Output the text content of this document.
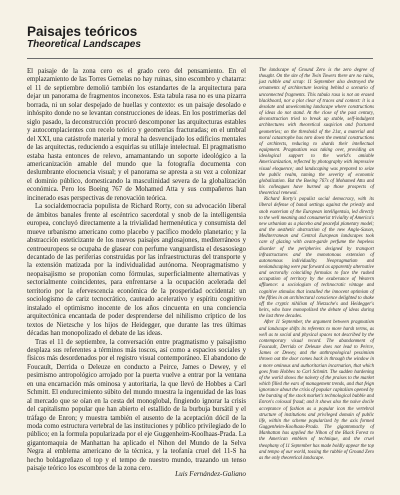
Paisajes teóricos
Theoretical Landscapes

El paisaje de la zona cero es el grado cero del pensamiento. En el emplazamiento de las Torres Gemelas no hay ruinas, sino escombro y chatarra: el 11 de septiembre demolió también los estandartes de la arquitectura para dejar un panorama de fragmentos inconexos. Esta tabula rasa no es una pizarra borrada, ni un solar despejado de huellas y contexto: es un paisaje desolado e inhóspito donde no se levantan construcciones de ideas. En los postrimerías del siglo pasado, la deconstrucción procuró descomponer las arquitecturas estables y autocomplacientes con recelo teórico y geometrías fracturadas; en el umbral del XXI, una catástrofe material y moral ha desvencijado los edificios mentales de las arquitectas, reduciendo a esquirlas su utillaje intelectual. El pragmatismo estaba hasta entonces de relevo, amamantando un soporte ideológico a la americanización amable del mundo que la fotografía documenta con deslumbrante elocuencia visual; y el panorama se apresta a su vez a colonizar el dominio público, domesticando la masculinidad severa de la globalización económica. Pero los Boeing 767 de Mohamed Atta y sus compañeros han incinerado esas perspectivas de renovación teórica.

La socialdemocracia populista de Richard Rorty, con su advocación liberal de ámbitos banales frente al escéntrico sacerdotal y snob de la intelligentsia europea, concluyó directamente a la trivialidad hermenéutica y consumista del mueve urbanismo americano como placebo y pacífico modelo planetario; y la abstracción esteticizante de los nuevos paisajes anglosajones, mediterráneos y centroeuropeos se ocupaba de glasear con perfume vanguardista el desasosiego decantado de las periferias construidas por las infraestructuras del transporte y la extensión matizada por la individualidad autónoma. Neopragmatismo y neopaisajismo se proponían como fórmulas, superficialmente alternativas y sectorialmente coincidentes, para enfrentarse a la ocupación acelerada del territorio por la efervescencia económica de la prosperidad occidental: un sociologismo de cariz tecnocrático, cauteado acelerativo y espíritu cognitivo instalado el optimismo inocente de los años cincuenta en una conciencia arquitectónica encantada de poder desprenderse del nihilismo críptico de los textos de Nietzsche y los hijos de Heidegger, que durante las tres últimas décadas han monopolizado el debate de las ideas.

Tras el 11 de septiembre, la conversación entre pragmatismo y paisajismo desplaza sus referentes a términos más toscos, así como a espacios sociales y físicos más desordenados por el registro visual contemporáneo. El abandono de Foucault, Derrida o Deleuze en conducto a Peirce, James o Dewey, y el pesimismo antropológico arrojado por la puerta vuelve a entrar por la ventana en una encarnación más ominosa y autoritaria, la que llevó de Hobbes a Carl Schmitt. El endurecimiento súbito del mundo muestra la ingenuidad de las loas al mercado que se oían en la cesta del monoglobal, fingiendo ignorar la crisis del capitalismo popular que han abierto el estallido de la burbuja bursátil y el tráfago de Enron; y muestra también el ausento de la aceptación dócil de la moda como estructura vertebral de las instituciones y público privilegiado de lo público; en la formula popularizada por el eje Guggenheim-Koolhaas-Prada. La gigantomaquia de Manhattan ha aplicado el Nihon del Mundo de la Selva Negra al emblema americano de la técnica, y la teofanía cruel del 11-S ha hecho boldagreñazo el top y el tempo de nuestro mundo, trazando un tenso paisaje teórico los escombros de la zona cero.

The landscape of Ground Zero is the zero degree of thought. On the site of the Twin Towers there are no ruins, just rubble and scrap: 11 September also destroyed the ornaments of architecture leaving behind a scenario of unconnected fragments. This tabula rasa is not an erased blackboard, nor a plot clear of traces and context: it is a desolate and unwelcoming landscape where constructions of ideas do not stand. At the close of the past century, deconstruction tried to break up stable, self-indulgent architectures with theoretical suspicion and fractured geometries; on the threshold of the 21st, a material and moral catastrophe has torn down the mental constructions of architects, reducing to shards their intellectual equipment. Pragmatism was taking over, providing an ideological support to the world's amiable Americanization, reflected by photography with impressive visual eloquence; and landscaping was prepared to seize the public realm, taming the severity of economic globalization. But the Boeing 767s of Mohamed Atta and his colleagues have burned up those prospects of theoretical renewal.

Richard Rorty's populist social democracy, with its liberal defense of banal settings against the priestly and snob esoterism of the European intelligentsia, led directly to the well meaning and consumerist triviality of America's new urbanism as a placebo and peaceful planetary model; and the aesthetic abstraction of the new Anglo-Saxon, Mediterranean and Central European landscapes took care of glazing with avant-garde perfume the hopeless disorder of the peripheries designed by transport infrastructures and the monotonous extension of autonomous individuality. Neopragmatism and neolandscaping were put forward as apparently alternative and sectorally coinciding formulas to face the rushed occupation of territory by the exuberance of Western affluence: a sociologism of technocratic vintage and cognitive stimulus that installed the innocent optimism of the fifties in an architectural conscience delighted to shake off the cryptic nihilism of Nietzsche's and Heidegger's heirs, who have monopolized the debate of ideas during the last three decades.

After 11 September, the argument between pragmatism and landscape shifts its referents to more harsh terms, as well as to social and physical spaces not described by the contemporary visual record. The abandonment of Foucault, Derrida or Deleuze does not lead to Peirce, James or Dewey, and the anthropological pessimism thrown out the door comes back in through the window in a more ominous and authoritarian incarnation, that which goes from Hobbes to Carl Schmitt. The sudden hardening of the world shows the naivety of the praises to the market which filled the ears of management trends, and that feign ignorance about the crisis of popular capitalism opened by the bursting of the stock market's technological bubble and Enron's colossal fraud; and it shows also the naive docile acceptance of fashion as a popular icon the vertebral structure of institutions and privileged domain of public life, within the scheme popularized by the axis formed Guggenheim-Koolhaas-Prada. The gigantomachy of Manhattan has applied the Nihon of the Black Forest to the American emblem of technique, and the cruel theophany of 11 September has made boldly appear the top and tempo of our world, tossing the rubble of Ground Zero as the only theoretical landscape.

Luis Fernández-Galiano
